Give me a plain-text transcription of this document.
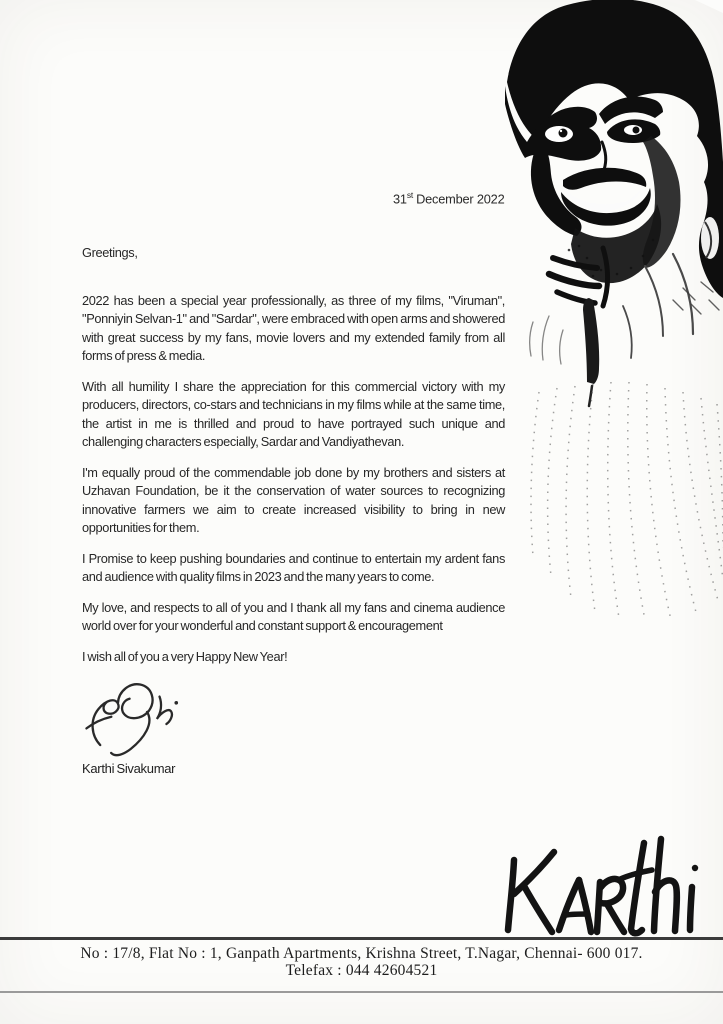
31st December 2022
Greetings,

2022 has been a special year professionally, as three of my films, "Viruman", "Ponniyin Selvan-1" and "Sardar", were embraced with open arms and showered with great success by my fans, movie lovers and my extended family from all forms of press & media.

With all humility I share the appreciation for this commercial victory with my producers, directors, co-stars and technicians in my films while at the same time, the artist in me is thrilled and proud to have portrayed such unique and challenging characters especially, Sardar and Vandiyathevan.

I'm equally proud of the commendable job done by my brothers and sisters at Uzhavan Foundation, be it the conservation of water sources to recognizing innovative farmers we aim to create increased visibility to bring in new opportunities for them.

I Promise to keep pushing boundaries and continue to entertain my ardent fans and audience with quality films in 2023 and the many years to come.

My love, and respects to all of you and I thank all my fans and cinema audience world over for your wonderful and constant support & encouragement

I wish all of you a very Happy New Year!

Karthi Sivakumar
No : 17/8, Flat No : 1, Ganpath Apartments, Krishna Street, T.Nagar, Chennai- 600 017.
Telefax : 044 42604521
